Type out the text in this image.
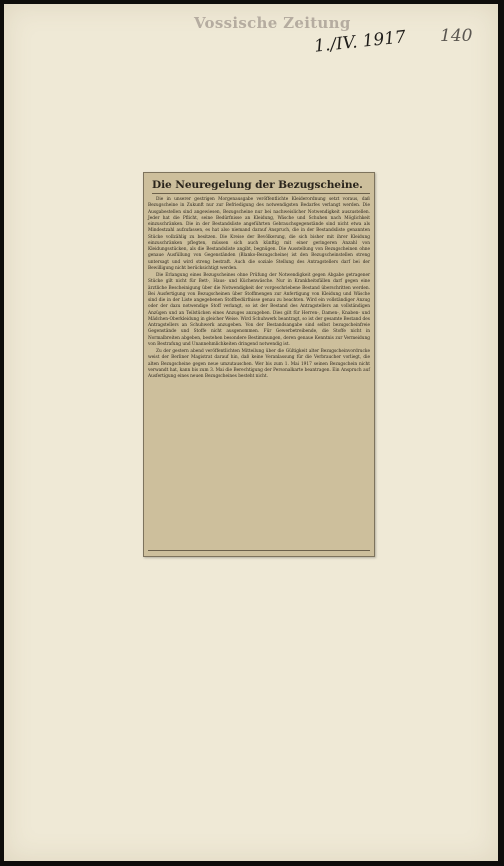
Vossische Zeitung
1./IV. 1917 140
Die Neuregelung der Bezugscheine.

Die in unserer gestrigen Morgenausgabe veröffentlichte Kleiderordnung setzt voraus, daß Bezugscheine in Zukunft nur zur Befriedigung des notwendigsten Bedarfes verlangt werden. Die Ausgabestellen sind angewiesen, Bezugscheine nur bei nachweislicher Notwendigkeit auszustellen. Jeder hat die Pflicht, seine Bedürfnisse an Kleidung, Wäsche und Schuhen nach Möglichkeit einzuschränken. Die in der Bestandsliste angeführten Gebrauchsgegenstände sind nicht etwa als Mindestzahl aufzufassen, es hat also niemand darauf Anspruch, die in der Bestandsliste genannten Stücke vollzählig zu besitzen. Die Kreise der Bevölkerung, die sich bisher mit ihrer Kleidung einzuschränken pflegten, müssen sich auch künftig mit einer geringeren Anzahl von Kleidungsstücken, als die Bestandsliste angibt, begnügen. Die Ausstellung von Bezugscheinen ohne genaue Ausfüllung von Gegenständen (Blanko-Bezugscheine) ist den Bezugscheinstellen streng untersagt und wird streng bestraft. Auch die soziale Stellung des Antragstellers darf bei der Bewilligung nicht berücksichtigt werden.

Die Erlangung eines Bezugscheines ohne Prüfung der Notwendigkeit gegen Abgabe getragener Stücke gilt nicht für Bett-, Haus- und Küchenwäsche. Nur in Krankheitsfällen darf gegen eine ärztliche Bescheinigung über die Notwendigkeit der vorgeschriebene Bestand überschritten werden. Bei Ausfertigung von Bezugscheinen über Stoffmengen zur Anfertigung von Kleidung und Wäsche sind die in der Liste angegebenen Stoffbedürfnisse genau zu beachten. Wird ein vollständiger Anzug oder der dazu notwendige Stoff verlangt, so ist der Bestand des Antragstellers an vollständigen Anzügen und an Teilstücken eines Anzuges anzugeben. Dies gilt für Herren-, Damen-, Knaben- und Mädchen-Oberkleidung in gleicher Weise. Wird Schuhwerk beantragt, so ist der gesamte Bestand des Antragstellers an Schuhwerk anzugeben. Von der Bestandsangabe sind selbst bezugscheinfreie Gegenstände und Stoffe nicht ausgenommen. Für Gewerbetreibende, die Stoffe nicht in Normalbreiten abgeben, bestehen besondere Bestimmungen, deren genaue Kenntnis zur Vermeidung von Bestrafung und Unannehmlichkeiten dringend notwendig ist.

Zu der gestern abend veröffentlichten Mitteilung über die Gültigkeit alter Bezugscheinvordrucke weist der Berliner Magistrat darauf hin, daß keine Veranlassung für die Verbraucher vorliegt, die alten Bezugscheine gegen neue umzutauschen. Wer bis zum 1. Mai 1917 seinen Bezugschein nicht verwandt hat, kann bis zum 3. Mai die Berechtigung der Personalkarte beantragen. Ein Anspruch auf Ausfertigung eines neuen Bezugscheines besteht nicht.
